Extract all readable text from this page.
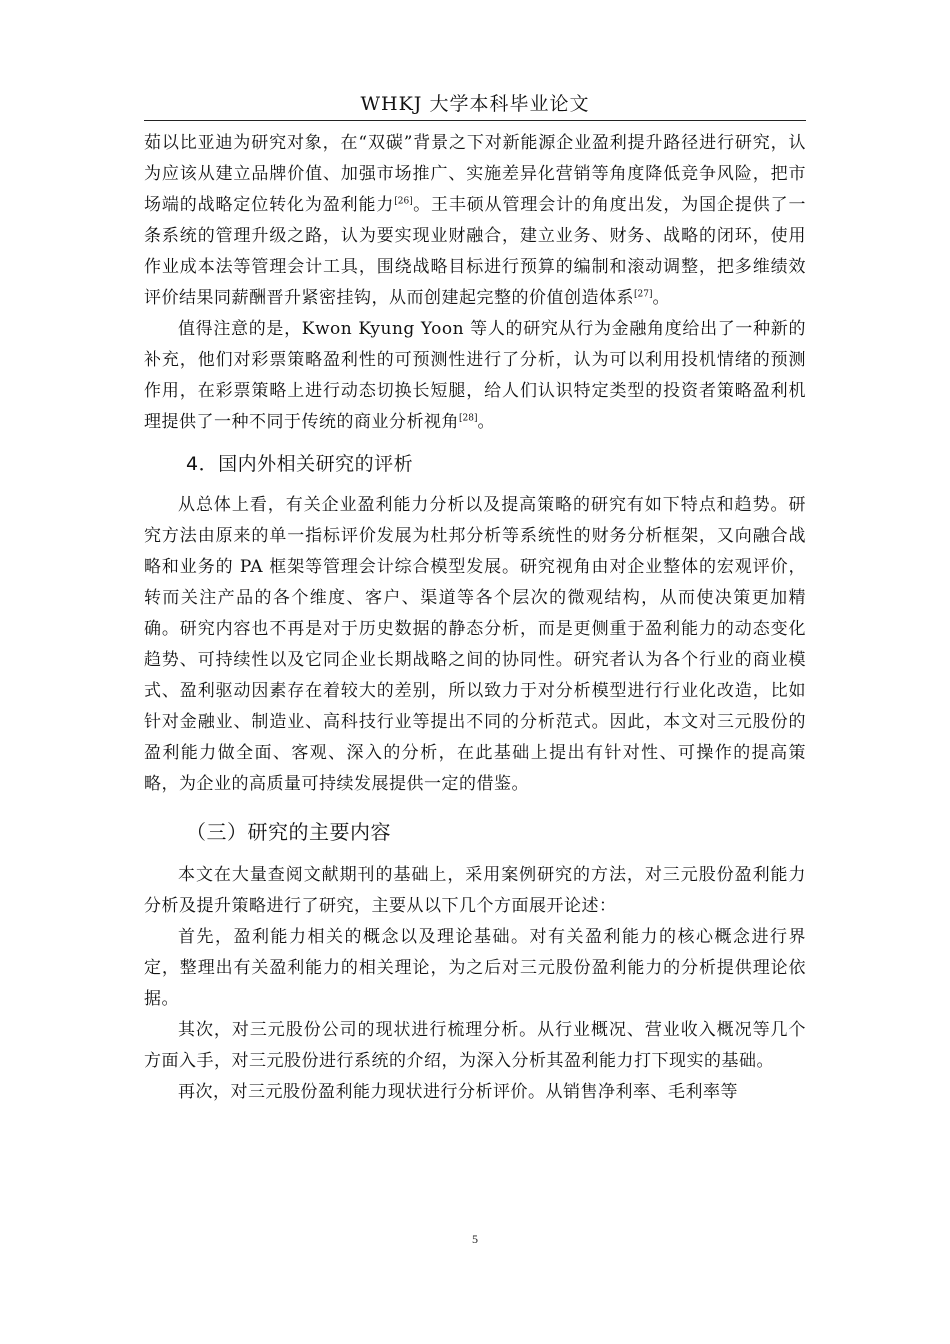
WHKJ 大学本科毕业论文

茹以比亚迪为研究对象，在“双碳”背景之下对新能源企业盈利提升路径进行研究，认为应该从建立品牌价值、加强市场推广、实施差异化营销等角度降低竞争风险，把市场端的战略定位转化为盈利能力[26]。王丰硕从管理会计的角度出发，为国企提供了一条系统的管理升级之路，认为要实现业财融合，建立业务、财务、战略的闭环，使用作业成本法等管理会计工具，围绕战略目标进行预算的编制和滚动调整，把多维绩效评价结果同薪酬晋升紧密挂钩，从而创建起完整的价值创造体系[27]。

值得注意的是，Kwon Kyung Yoon 等人的研究从行为金融角度给出了一种新的补充，他们对彩票策略盈利性的可预测性进行了分析，认为可以利用投机情绪的预测作用，在彩票策略上进行动态切换长短腿，给人们认识特定类型的投资者策略盈利机理提供了一种不同于传统的商业分析视角[28]。

4．国内外相关研究的评析

从总体上看，有关企业盈利能力分析以及提高策略的研究有如下特点和趋势。研究方法由原来的单一指标评价发展为杜邦分析等系统性的财务分析框架，又向融合战略和业务的 PA 框架等管理会计综合模型发展。研究视角由对企业整体的宏观评价，转而关注产品的各个维度、客户、渠道等各个层次的微观结构，从而使决策更加精确。研究内容也不再是对于历史数据的静态分析，而是更侧重于盈利能力的动态变化趋势、可持续性以及它同企业长期战略之间的协同性。研究者认为各个行业的商业模式、盈利驱动因素存在着较大的差别，所以致力于对分析模型进行行业化改造，比如针对金融业、制造业、高科技行业等提出不同的分析范式。因此，本文对三元股份的盈利能力做全面、客观、深入的分析，在此基础上提出有针对性、可操作的提高策略，为企业的高质量可持续发展提供一定的借鉴。

（三）研究的主要内容

本文在大量查阅文献期刊的基础上，采用案例研究的方法，对三元股份盈利能力分析及提升策略进行了研究，主要从以下几个方面展开论述：

首先，盈利能力相关的概念以及理论基础。对有关盈利能力的核心概念进行界定，整理出有关盈利能力的相关理论，为之后对三元股份盈利能力的分析提供理论依据。

其次，对三元股份公司的现状进行梳理分析。从行业概况、营业收入概况等几个方面入手，对三元股份进行系统的介绍，为深入分析其盈利能力打下现实的基础。

再次，对三元股份盈利能力现状进行分析评价。从销售净利率、毛利率等

5
